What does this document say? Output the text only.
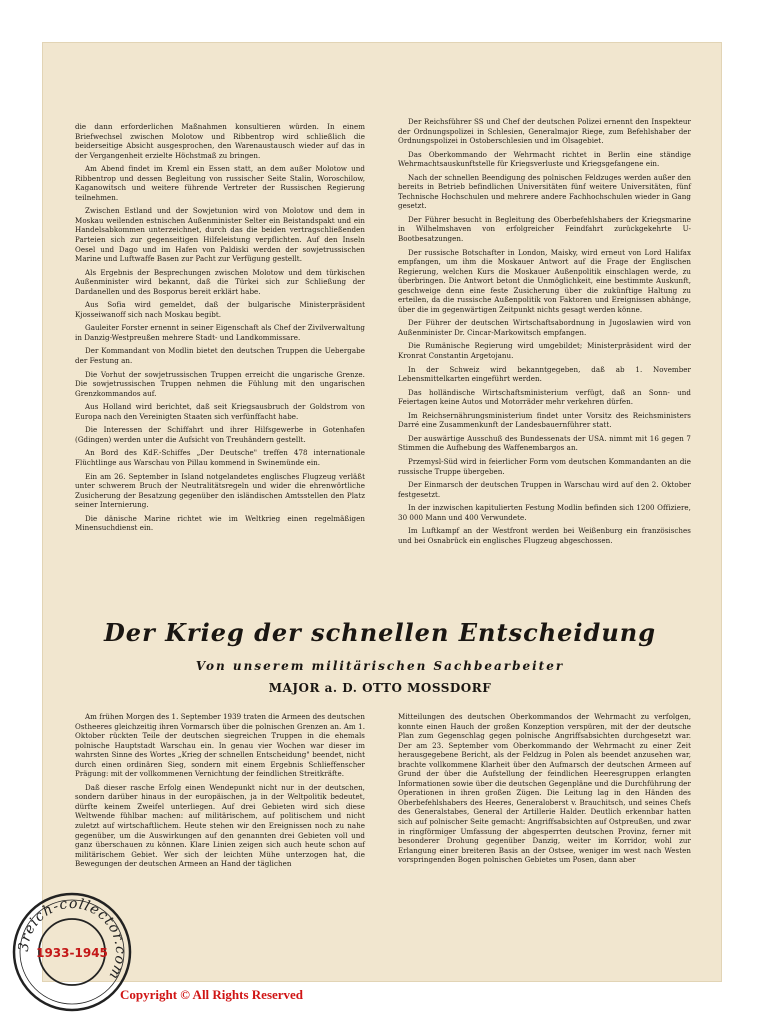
die dann erforderlichen Maßnahmen konsultieren würden. In einem Briefwechsel zwischen Molotow und Ribbentrop wird schließlich die beiderseitige Absicht ausgesprochen, den Warenaustausch wieder auf das in der Vergangenheit erzielte Höchstmaß zu bringen.

Am Abend findet im Kreml ein Essen statt, an dem außer Molotow und Ribbentrop und dessen Begleitung von russischer Seite Stalin, Woroschilow, Kaganowitsch und weitere führende Vertreter der Russischen Regierung teilnehmen.

Zwischen Estland und der Sowjetunion wird von Molotow und dem in Moskau weilenden estnischen Außenminister Selter ein Beistandspakt und ein Handelsabkommen unterzeichnet, durch das die beiden vertragschließenden Parteien sich zur gegenseitigen Hilfeleistung verpflichten. Auf den Inseln Oesel und Dago und im Hafen von Paldiski werden der sowjetrussischen Marine und Luftwaffe Basen zur Pacht zur Verfügung gestellt.

Als Ergebnis der Besprechungen zwischen Molotow und dem türkischen Außenminister wird bekannt, daß die Türkei sich zur Schließung der Dardanellen und des Bosporus bereit erklärt habe.

Aus Sofia wird gemeldet, daß der bulgarische Ministerpräsident Kjosseiwanoff sich nach Moskau begibt.

Gauleiter Forster ernennt in seiner Eigenschaft als Chef der Zivilverwaltung in Danzig-Westpreußen mehrere Stadt- und Landkommissare.

Der Kommandant von Modlin bietet den deutschen Truppen die Uebergabe der Festung an.

Die Vorhut der sowjetrussischen Truppen erreicht die ungarische Grenze. Die sowjetrussischen Truppen nehmen die Fühlung mit den ungarischen Grenzkommandos auf.

Aus Holland wird berichtet, daß seit Kriegsausbruch der Goldstrom von Europa nach den Vereinigten Staaten sich verfünffacht habe.

Die Interessen der Schiffahrt und ihrer Hilfsgewerbe in Gotenhafen (Gdingen) werden unter die Aufsicht von Treuhändern gestellt.

An Bord des KdF.-Schiffes „Der Deutsche" treffen 478 internationale Flüchtlinge aus Warschau von Pillau kommend in Swinemünde ein.

Ein am 26. September in Island notgelandetes englisches Flugzeug verläßt unter schwerem Bruch der Neutralitätsregeln und wider die ehrenwörtliche Zusicherung der Besatzung gegenüber den isländischen Amtsstellen den Platz seiner Internierung.

Die dänische Marine richtet wie im Weltkrieg einen regelmäßigen Minensuchdienst ein.

Der Reichsführer SS und Chef der deutschen Polizei ernennt den Inspekteur der Ordnungspolizei in Schlesien, Generalmajor Riege, zum Befehlshaber der Ordnungspolizei in Ostoberschlesien und im Olsagebiet.

Das Oberkommando der Wehrmacht richtet in Berlin eine ständige Wehrmachtsauskunftstelle für Kriegsverluste und Kriegsgefangene ein.

Nach der schnellen Beendigung des polnischen Feldzuges werden außer den bereits in Betrieb befindlichen Universitäten fünf weitere Universitäten, fünf Technische Hochschulen und mehrere andere Fachhochschulen wieder in Gang gesetzt.

Der Führer besucht in Begleitung des Oberbefehlshabers der Kriegsmarine in Wilhelmshaven von erfolgreicher Feindfahrt zurückgekehrte U-Bootbesatzungen.

Der russische Botschafter in London, Maisky, wird erneut von Lord Halifax empfangen, um ihm die Moskauer Antwort auf die Frage der Englischen Regierung, welchen Kurs die Moskauer Außenpolitik einschlagen werde, zu überbringen. Die Antwort betont die Unmöglichkeit, eine bestimmte Auskunft, geschweige denn eine feste Zusicherung über die zukünftige Haltung zu erteilen, da die russische Außenpolitik von Faktoren und Ereignissen abhänge, über die im gegenwärtigen Zeitpunkt nichts gesagt werden könne.

Der Führer der deutschen Wirtschaftsabordnung in Jugoslawien wird von Außenminister Dr. Cincar-Markowitsch empfangen.

Die Rumänische Regierung wird umgebildet; Ministerpräsident wird der Kronrat Constantin Argetojanu.

In der Schweiz wird bekanntgegeben, daß ab 1. November Lebensmittelkarten eingeführt werden.

Das holländische Wirtschaftsministerium verfügt, daß an Sonn- und Feiertagen keine Autos und Motorräder mehr verkehren dürfen.

Im Reichsernährungsministerium findet unter Vorsitz des Reichsministers Darré eine Zusammenkunft der Landesbauernführer statt.

Der auswärtige Ausschuß des Bundessenats der USA. nimmt mit 16 gegen 7 Stimmen die Aufhebung des Waffenembargos an.

Przemysl-Süd wird in feierlicher Form vom deutschen Kommandanten an die russische Truppe übergeben.

Der Einmarsch der deutschen Truppen in Warschau wird auf den 2. Oktober festgesetzt.

In der inzwischen kapitulierten Festung Modlin befinden sich 1200 Offiziere, 30 000 Mann und 400 Verwundete.

Im Luftkampf an der Westfront werden bei Weißenburg ein französisches und bei Osnabrück ein englisches Flugzeug abgeschossen.

Der Krieg der schnellen Entscheidung
Von unserem militärischen Sachbearbeiter
MAJOR a. D. OTTO MOSSDORF

Am frühen Morgen des 1. September 1939 traten die Armeen des deutschen Ostheeres gleichzeitig ihren Vormarsch über die polnischen Grenzen an. Am 1. Oktober rückten Teile der deutschen siegreichen Truppen in die ehemals polnische Hauptstadt Warschau ein. In genau vier Wochen war dieser im wahrsten Sinne des Wortes „Krieg der schnellen Entscheidung" beendet, nicht durch einen ordinären Sieg, sondern mit einem Ergebnis Schlieffenscher Prägung: mit der vollkommenen Vernichtung der feindlichen Streitkräfte.

Daß dieser rasche Erfolg einen Wendepunkt nicht nur in der deutschen, sondern darüber hinaus in der europäischen, ja in der Weltpolitik bedeutet, dürfte keinem Zweifel unterliegen. Auf drei Gebieten wird sich diese Weltwende fühlbar machen: auf militärischem, auf politischem und nicht zuletzt auf wirtschaftlichem. Heute stehen wir den Ereignissen noch zu nahe gegenüber, um die Auswirkungen auf den genannten drei Gebieten voll und ganz überschauen zu können. Klare Linien zeigen sich auch heute schon auf militärischem Gebiet. Wer sich der leichten Mühe unterzogen hat, die Bewegungen der deutschen Armeen an Hand der täglichen

Mitteilungen des deutschen Oberkommandos der Wehrmacht zu verfolgen, konnte einen Hauch der großen Konzeption verspüren, mit der der deutsche Plan zum Gegenschlag gegen polnische Angriffsabsichten durchgesetzt war. Der am 23. September vom Oberkommando der Wehrmacht zu einer Zeit herausgegebene Bericht, als der Feldzug in Polen als beendet anzusehen war, brachte vollkommene Klarheit über den Aufmarsch der deutschen Armeen auf Grund der über die Aufstellung der feindlichen Heeresgruppen erlangten Informationen sowie über die deutschen Gegenpläne und die Durchführung der Operationen in ihren großen Zügen. Die Leitung lag in den Händen des Oberbefehlshabers des Heeres, Generaloberst v. Brauchitsch, und seines Chefs des Generalstabes, General der Artillerie Halder. Deutlich erkennbar hatten sich auf polnischer Seite gemacht: Angriffsabsichten auf Ostpreußen, und zwar in ringförmiger Umfassung der abgesperrten deutschen Provinz, ferner mit besonderer Drohung gegenüber Danzig, weiter im Korridor, wohl zur Erlangung einer breiteren Basis an der Ostsee, weniger im west nach Westen vorspringenden Bogen polnischen Gebietes um Posen, dann aber

3reich-collector.com
1933-1945
Copyright © All Rights Reserved
